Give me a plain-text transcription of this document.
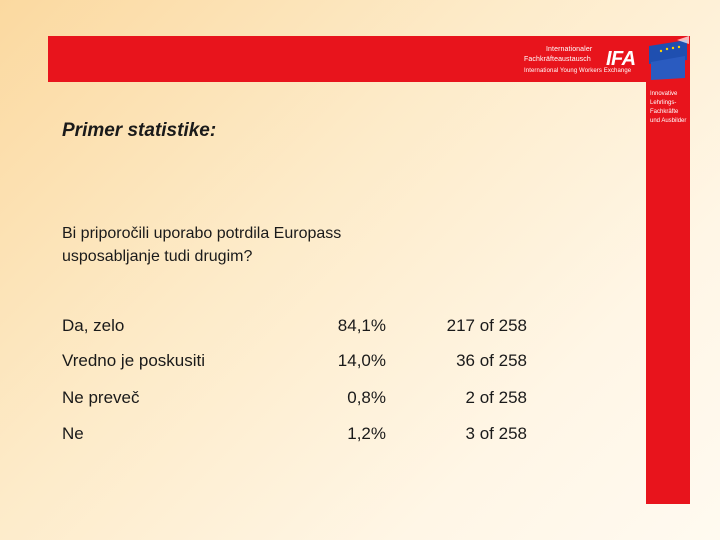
Internationaler
Fachkräfteaustausch
International Young Workers Exchange
IFA
Innovative
Lehrlings-
Fachkräfte
und Ausbilder
Primer statistike:
Bi priporočili uporabo potrdila Europass
usposabljanje tudi drugim?
Da, zelo	84,1%	217 of 258
Vredno je poskusiti	14,0%	36 of 258
Ne preveč	0,8%	2 of 258
Ne	1,2%	3 of 258
